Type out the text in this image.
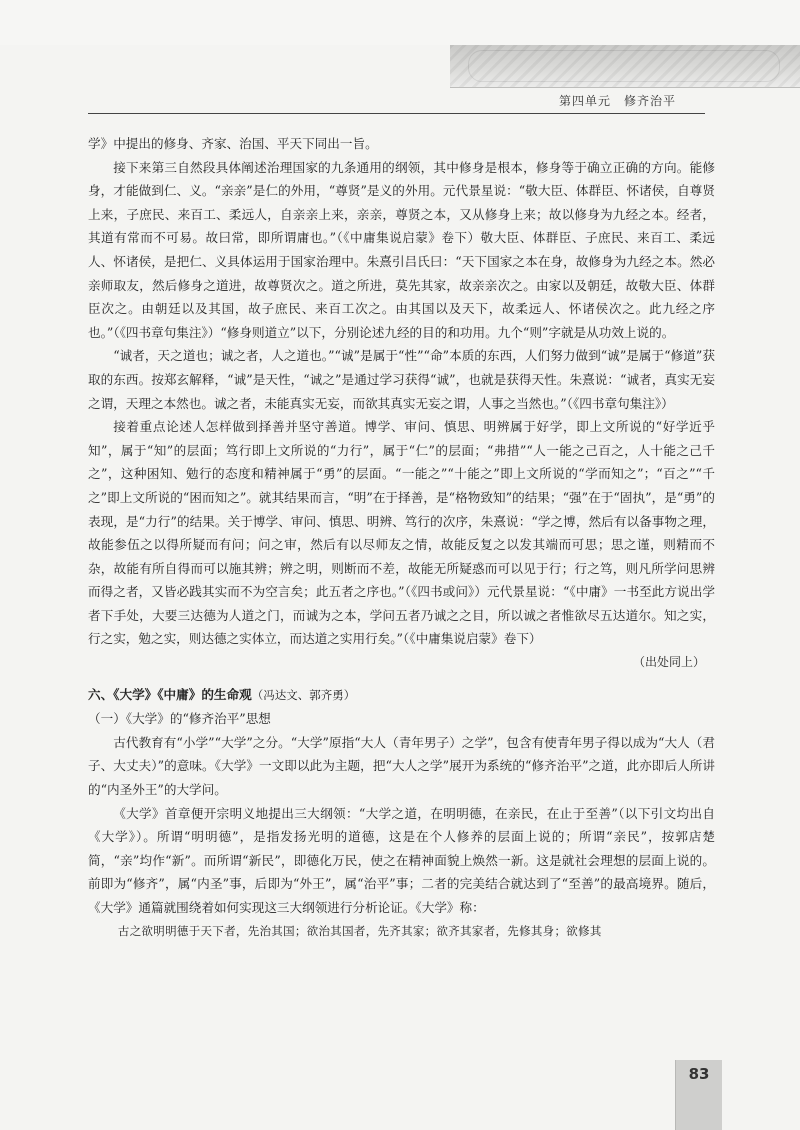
第四单元　修齐治平

学》中提出的修身、齐家、治国、平天下同出一旨。

接下来第三自然段具体阐述治理国家的九条通用的纲领，其中修身是根本，修身等于确立正确的方向。能修身，才能做到仁、义。“亲亲”是仁的外用，“尊贤”是义的外用。元代景星说：“敬大臣、体群臣、怀诸侯，自尊贤上来，子庶民、来百工、柔远人，自亲亲上来，亲亲，尊贤之本，又从修身上来；故以修身为九经之本。经者，其道有常而不可易。故曰常，即所谓庸也。”（《中庸集说启蒙》卷下）敬大臣、体群臣、子庶民、来百工、柔远人、怀诸侯，是把仁、义具体运用于国家治理中。朱熹引吕氏曰：“天下国家之本在身，故修身为九经之本。然必亲师取友，然后修身之道进，故尊贤次之。道之所进，莫先其家，故亲亲次之。由家以及朝廷，故敬大臣、体群臣次之。由朝廷以及其国，故子庶民、来百工次之。由其国以及天下，故柔远人、怀诸侯次之。此九经之序也。”（《四书章句集注》）“修身则道立”以下，分别论述九经的目的和功用。九个“则”字就是从功效上说的。

“诚者，天之道也；诚之者，人之道也。”“诚”是属于“性”“命”本质的东西，人们努力做到“诚”是属于“修道”获取的东西。按郑玄解释，“诚”是天性，“诚之”是通过学习获得“诚”，也就是获得天性。朱熹说：“诚者，真实无妄之谓，天理之本然也。诚之者，未能真实无妄，而欲其真实无妄之谓，人事之当然也。”（《四书章句集注》）

接着重点论述人怎样做到择善并坚守善道。博学、审问、慎思、明辨属于好学，即上文所说的“好学近乎知”，属于“知”的层面；笃行即上文所说的“力行”，属于“仁”的层面；“弗措”“人一能之己百之，人十能之己千之”，这种困知、勉行的态度和精神属于“勇”的层面。“一能之”“十能之”即上文所说的“学而知之”；“百之”“千之”即上文所说的“困而知之”。就其结果而言，“明”在于择善，是“格物致知”的结果；“强”在于“固执”，是“勇”的表现，是“力行”的结果。关于博学、审问、慎思、明辨、笃行的次序，朱熹说：“学之博，然后有以备事物之理，故能参伍之以得所疑而有问；问之审，然后有以尽师友之情，故能反复之以发其端而可思；思之谨，则精而不杂，故能有所自得而可以施其辨；辨之明，则断而不差，故能无所疑惑而可以见于行；行之笃，则凡所学问思辨而得之者，又皆必践其实而不为空言矣；此五者之序也。”（《四书或问》）元代景星说：“《中庸》一书至此方说出学者下手处，大要三达德为人道之门，而诚为之本，学问五者乃诚之之目，所以诚之者惟欲尽五达道尔。知之实，行之实，勉之实，则达德之实体立，而达道之实用行矣。”（《中庸集说启蒙》卷下）

（出处同上）

六、《大学》《中庸》的生命观（冯达文、郭齐勇）

（一）《大学》的“修齐治平”思想

古代教育有“小学”“大学”之分。“大学”原指“大人（青年男子）之学”，包含有使青年男子得以成为“大人（君子、大丈夫）”的意味。《大学》一文即以此为主题，把“大人之学”展开为系统的“修齐治平”之道，此亦即后人所讲的“内圣外王”的大学问。

《大学》首章便开宗明义地提出三大纲领：“大学之道，在明明德，在亲民，在止于至善”（以下引文均出自《大学》）。所谓“明明德”，是指发扬光明的道德，这是在个人修养的层面上说的；所谓“亲民”，按郭店楚简，“亲”均作“新”。而所谓“新民”，即德化万民，使之在精神面貌上焕然一新。这是就社会理想的层面上说的。前即为“修齐”，属“内圣”事，后即为“外王”，属“治平”事；二者的完美结合就达到了“至善”的最高境界。随后，《大学》通篇就围绕着如何实现这三大纲领进行分析论证。《大学》称：

古之欲明明德于天下者，先治其国；欲治其国者，先齐其家；欲齐其家者，先修其身；欲修其

83
